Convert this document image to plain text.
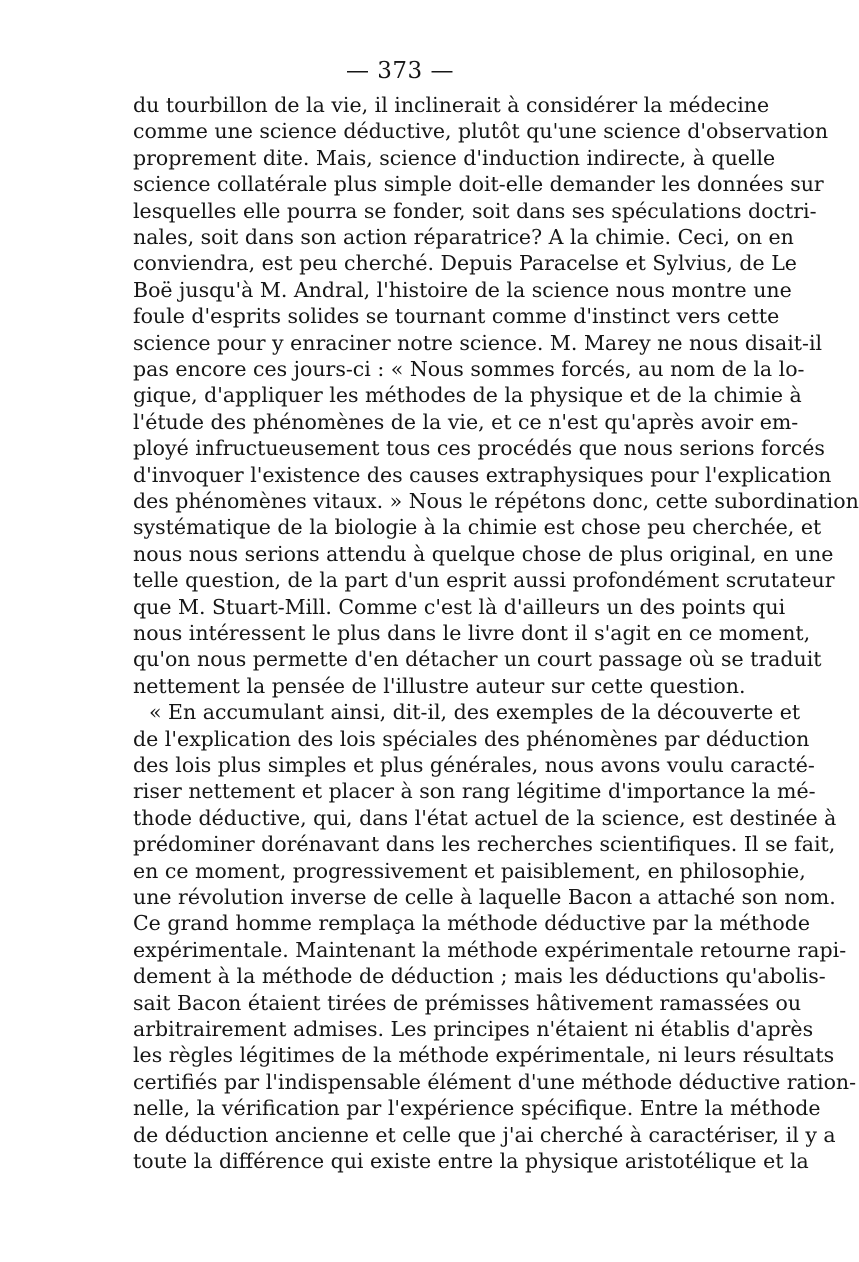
— 373 —
du tourbillon de la vie, il inclinerait à considérer la médecine
comme une science déductive, plutôt qu'une science d'observation
proprement dite. Mais, science d'induction indirecte, à quelle
science collatérale plus simple doit-elle demander les données sur
lesquelles elle pourra se fonder, soit dans ses spéculations doctri-
nales, soit dans son action réparatrice? A la chimie. Ceci, on en
conviendra, est peu cherché. Depuis Paracelse et Sylvius, de Le
Boë jusqu'à M. Andral, l'histoire de la science nous montre une
foule d'esprits solides se tournant comme d'instinct vers cette
science pour y enraciner notre science. M. Marey ne nous disait-il
pas encore ces jours-ci : « Nous sommes forcés, au nom de la lo-
gique, d'appliquer les méthodes de la physique et de la chimie à
l'étude des phénomènes de la vie, et ce n'est qu'après avoir em-
ployé infructueusement tous ces procédés que nous serions forcés
d'invoquer l'existence des causes extraphysiques pour l'explication
des phénomènes vitaux. » Nous le répétons donc, cette subordination
systématique de la biologie à la chimie est chose peu cherchée, et
nous nous serions attendu à quelque chose de plus original, en une
telle question, de la part d'un esprit aussi profondément scrutateur
que M. Stuart-Mill. Comme c'est là d'ailleurs un des points qui
nous intéressent le plus dans le livre dont il s'agit en ce moment,
qu'on nous permette d'en détacher un court passage où se traduit
nettement la pensée de l'illustre auteur sur cette question.
« En accumulant ainsi, dit-il, des exemples de la découverte et
de l'explication des lois spéciales des phénomènes par déduction
des lois plus simples et plus générales, nous avons voulu caracté-
riser nettement et placer à son rang légitime d'importance la mé-
thode déductive, qui, dans l'état actuel de la science, est destinée à
prédominer dorénavant dans les recherches scientifiques. Il se fait,
en ce moment, progressivement et paisiblement, en philosophie,
une révolution inverse de celle à laquelle Bacon a attaché son nom.
Ce grand homme remplaça la méthode déductive par la méthode
expérimentale. Maintenant la méthode expérimentale retourne rapi-
dement à la méthode de déduction ; mais les déductions qu'abolis-
sait Bacon étaient tirées de prémisses hâtivement ramassées ou
arbitrairement admises. Les principes n'étaient ni établis d'après
les règles légitimes de la méthode expérimentale, ni leurs résultats
certifiés par l'indispensable élément d'une méthode déductive ration-
nelle, la vérification par l'expérience spécifique. Entre la méthode
de déduction ancienne et celle que j'ai cherché à caractériser, il y a
toute la différence qui existe entre la physique aristotélique et la
